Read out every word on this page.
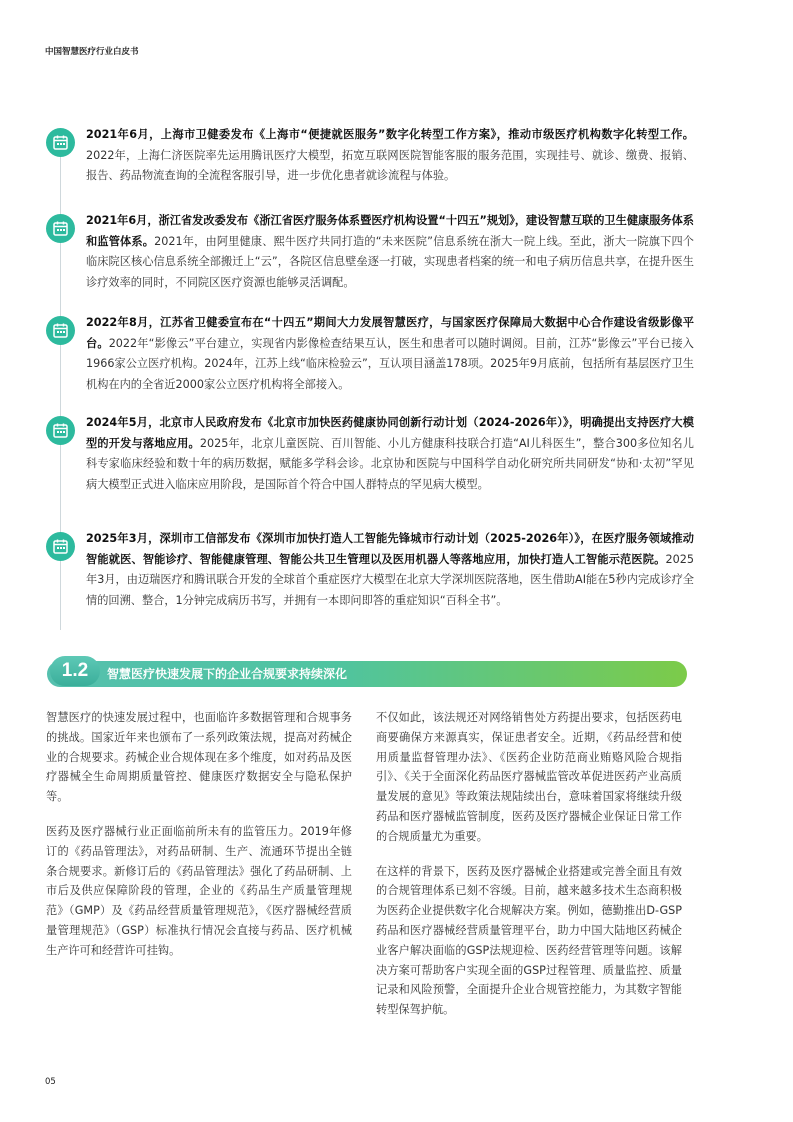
中国智慧医疗行业白皮书
2021年6月，上海市卫健委发布《上海市“便捷就医服务”数字化转型工作方案》，推动市级医疗机构数字化转型工作。2022年，上海仁济医院率先运用腾讯医疗大模型，拓宽互联网医院智能客服的服务范围，实现挂号、就诊、缴费、报销、报告、药品物流查询的全流程客服引导，进一步优化患者就诊流程与体验。
2021年6月，浙江省发改委发布《浙江省医疗服务体系暨医疗机构设置“十四五”规划》，建设智慧互联的卫生健康服务体系和监管体系。2021年，由阿里健康、熙牛医疗共同打造的“未来医院”信息系统在浙大一院上线。至此，浙大一院旗下四个临床院区核心信息系统全部搬迁上“云”，各院区信息壁垒逐一打破，实现患者档案的统一和电子病历信息共享，在提升医生诊疗效率的同时，不同院区医疗资源也能够灵活调配。
2022年8月，江苏省卫健委宣布在“十四五”期间大力发展智慧医疗，与国家医疗保障局大数据中心合作建设省级影像平台。2022年“影像云”平台建立，实现省内影像检查结果互认，医生和患者可以随时调阅。目前，江苏“影像云”平台已接入1966家公立医疗机构。2024年，江苏上线“临床检验云”，互认项目涵盖178项。2025年9月底前，包括所有基层医疗卫生机构在内的全省近2000家公立医疗机构将全部接入。
2024年5月，北京市人民政府发布《北京市加快医药健康协同创新行动计划（2024-2026年）》，明确提出支持医疗大模型的开发与落地应用。2025年，北京儿童医院、百川智能、小儿方健康科技联合打造“AI儿科医生”，整合300多位知名儿科专家临床经验和数十年的病历数据，赋能多学科会诊。北京协和医院与中国科学自动化研究所共同研发“协和·太初”罕见病大模型正式进入临床应用阶段，是国际首个符合中国人群特点的罕见病大模型。
2025年3月，深圳市工信部发布《深圳市加快打造人工智能先锋城市行动计划（2025-2026年）》，在医疗服务领域推动智能就医、智能诊疗、智能健康管理、智能公共卫生管理以及医用机器人等落地应用，加快打造人工智能示范医院。2025年3月，由迈瑞医疗和腾讯联合开发的全球首个重症医疗大模型在北京大学深圳医院落地，医生借助AI能在5秒内完成诊疗全情的回溯、整合，1分钟完成病历书写，并拥有一本即问即答的重症知识“百科全书”。
1.2	智慧医疗快速发展下的企业合规要求持续深化

智慧医疗的快速发展过程中，也面临许多数据管理和合规事务的挑战。国家近年来也颁布了一系列政策法规，提高对药械企业的合规要求。药械企业合规体现在多个维度，如对药品及医疗器械全生命周期质量管控、健康医疗数据安全与隐私保护等。

医药及医疗器械行业正面临前所未有的监管压力。2019年修订的《药品管理法》，对药品研制、生产、流通环节提出全链条合规要求。新修订后的《药品管理法》强化了药品研制、上市后及供应保障阶段的管理，企业的《药品生产质量管理规范》（GMP）及《药品经营质量管理规范》，《医疗器械经营质量管理规范》（GSP）标准执行情况会直接与药品、医疗机械生产许可和经营许可挂钩。

不仅如此，该法规还对网络销售处方药提出要求，包括医药电商要确保方来源真实，保证患者安全。近期，《药品经营和使用质量监督管理办法》、《医药企业防范商业贿赂风险合规指引》、《关于全面深化药品医疗器械监管改革促进医药产业高质量发展的意见》等政策法规陆续出台，意味着国家将继续升级药品和医疗器械监管制度，医药及医疗器械企业保证日常工作的合规质量尤为重要。

在这样的背景下，医药及医疗器械企业搭建或完善全面且有效的合规管理体系已刻不容缓。目前，越来越多技术生态商积极为医药企业提供数字化合规解决方案。例如，德勤推出D-GSP药品和医疗器械经营质量管理平台，助力中国大陆地区药械企业客户解决面临的GSP法规迎检、医药经营管理等问题。该解决方案可帮助客户实现全面的GSP过程管理、质量监控、质量记录和风险预警，全面提升企业合规管控能力，为其数字智能转型保驾护航。

05
